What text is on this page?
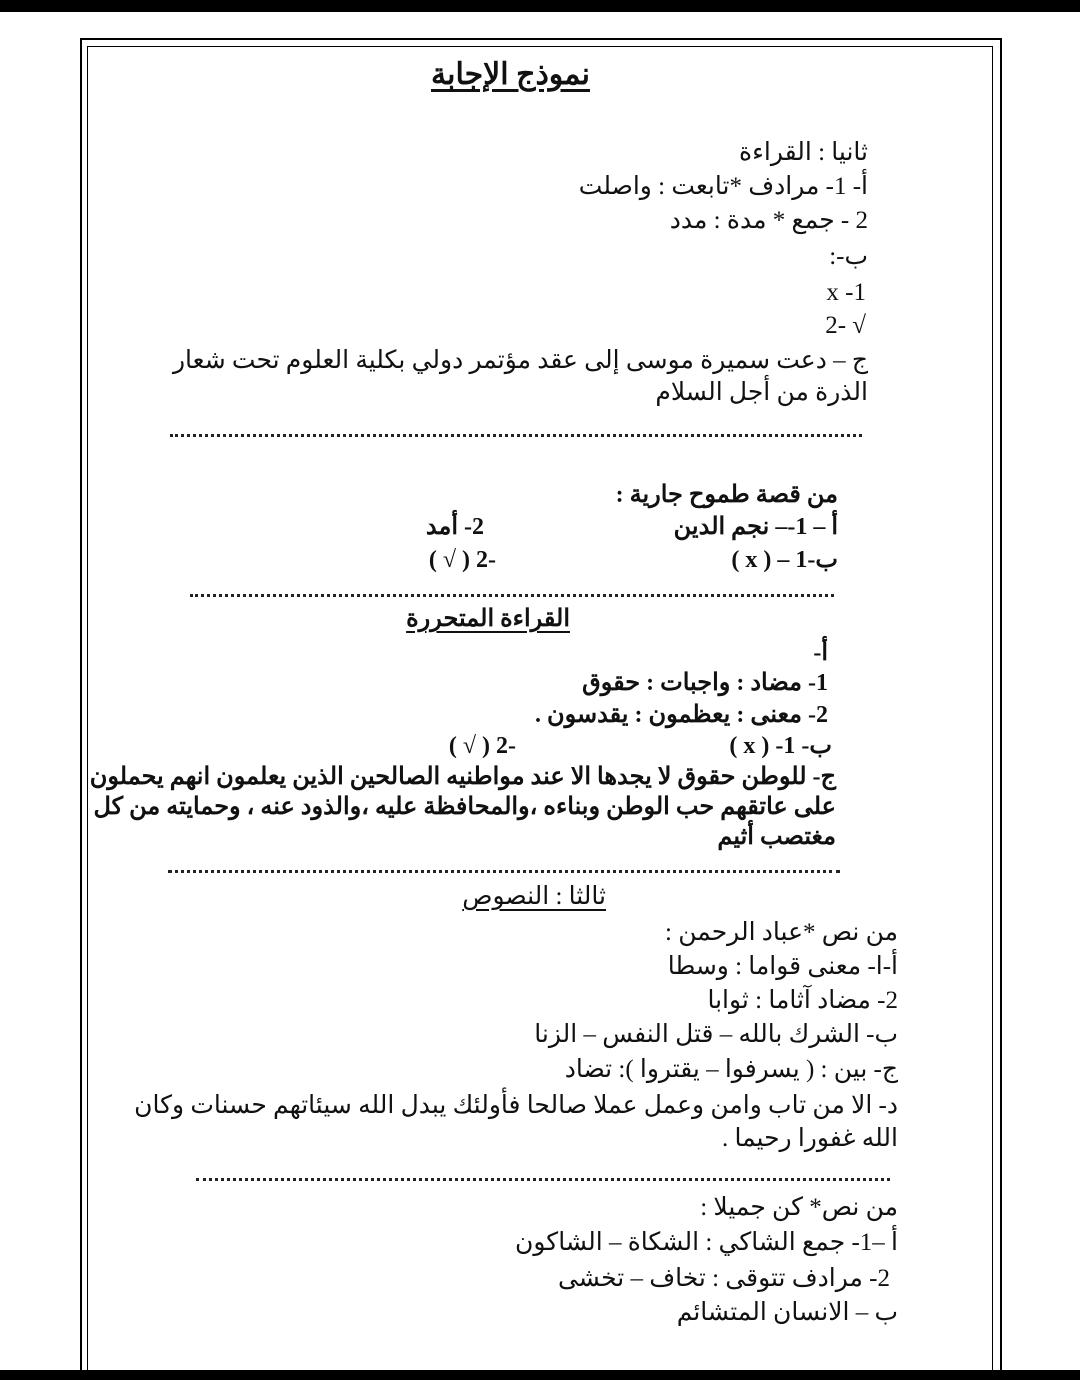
نموذج الإجابة
ثانيا : القراءة
أ- 1- مرادف *تابعت : واصلت
2 - جمع * مدة : مدد
ب-:
x -1
√ -2
ج – دعت سميرة موسى إلى عقد مؤتمر دولي بكلية العلوم تحت شعار
الذرة من أجل السلام
من قصة طموح جارية :
أ – 1-– نجم الدين
2- أمد
ب-1 – ( x )
-2 ( √ )
القراءة المتحررة
أ-
1- مضاد : واجبات : حقوق
2- معنى : يعظمون : يقدسون .
ب- 1- ( x )
-2 ( √ )
ج- للوطن حقوق لا يجدها الا عند مواطنيه الصالحين الذين يعلمون انهم يحملون
على عاتقهم حب الوطن وبناءه ،والمحافظة عليه ،والذود عنه ، وحمايته من كل
مغتصب أثيم
ثالثا : النصوص
من نص *عباد الرحمن :
أ-ا- معنى قواما : وسطا
2- مضاد آثاما : ثوابا
ب- الشرك بالله – قتل النفس – الزنا
ج- بين : ( يسرفوا – يقتروا ): تضاد
د- الا من تاب وامن وعمل عملا صالحا فأولئك يبدل الله سيئاتهم حسنات وكان
الله غفورا رحيما .
من نص* كن جميلا :
أ –1- جمع الشاكي : الشكاة – الشاكون
2- مرادف تتوقى : تخاف – تخشى
ب – الانسان المتشائم
